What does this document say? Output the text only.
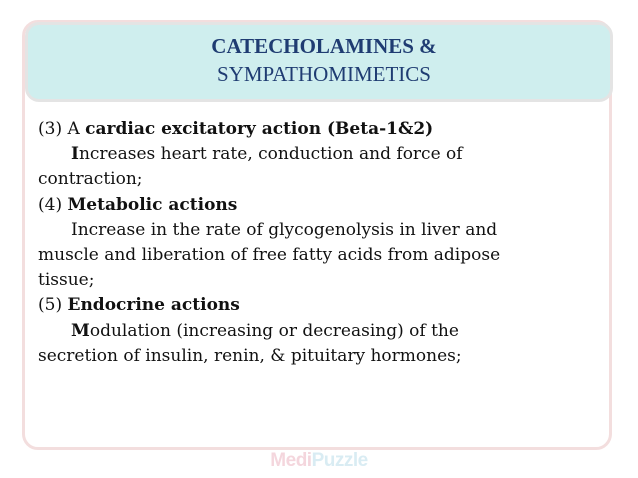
CATECHOLAMINES &
SYMPATHOMIMETICS
(3) A cardiac excitatory action (Beta-1&2)
Increases heart rate, conduction and force of
contraction;
(4) Metabolic actions
Increase in the rate of glycogenolysis in liver and
muscle and liberation of free fatty acids from adipose
tissue;
(5) Endocrine actions
Modulation (increasing or decreasing) of the
secretion of insulin, renin, & pituitary hormones;
MediPuzzle
